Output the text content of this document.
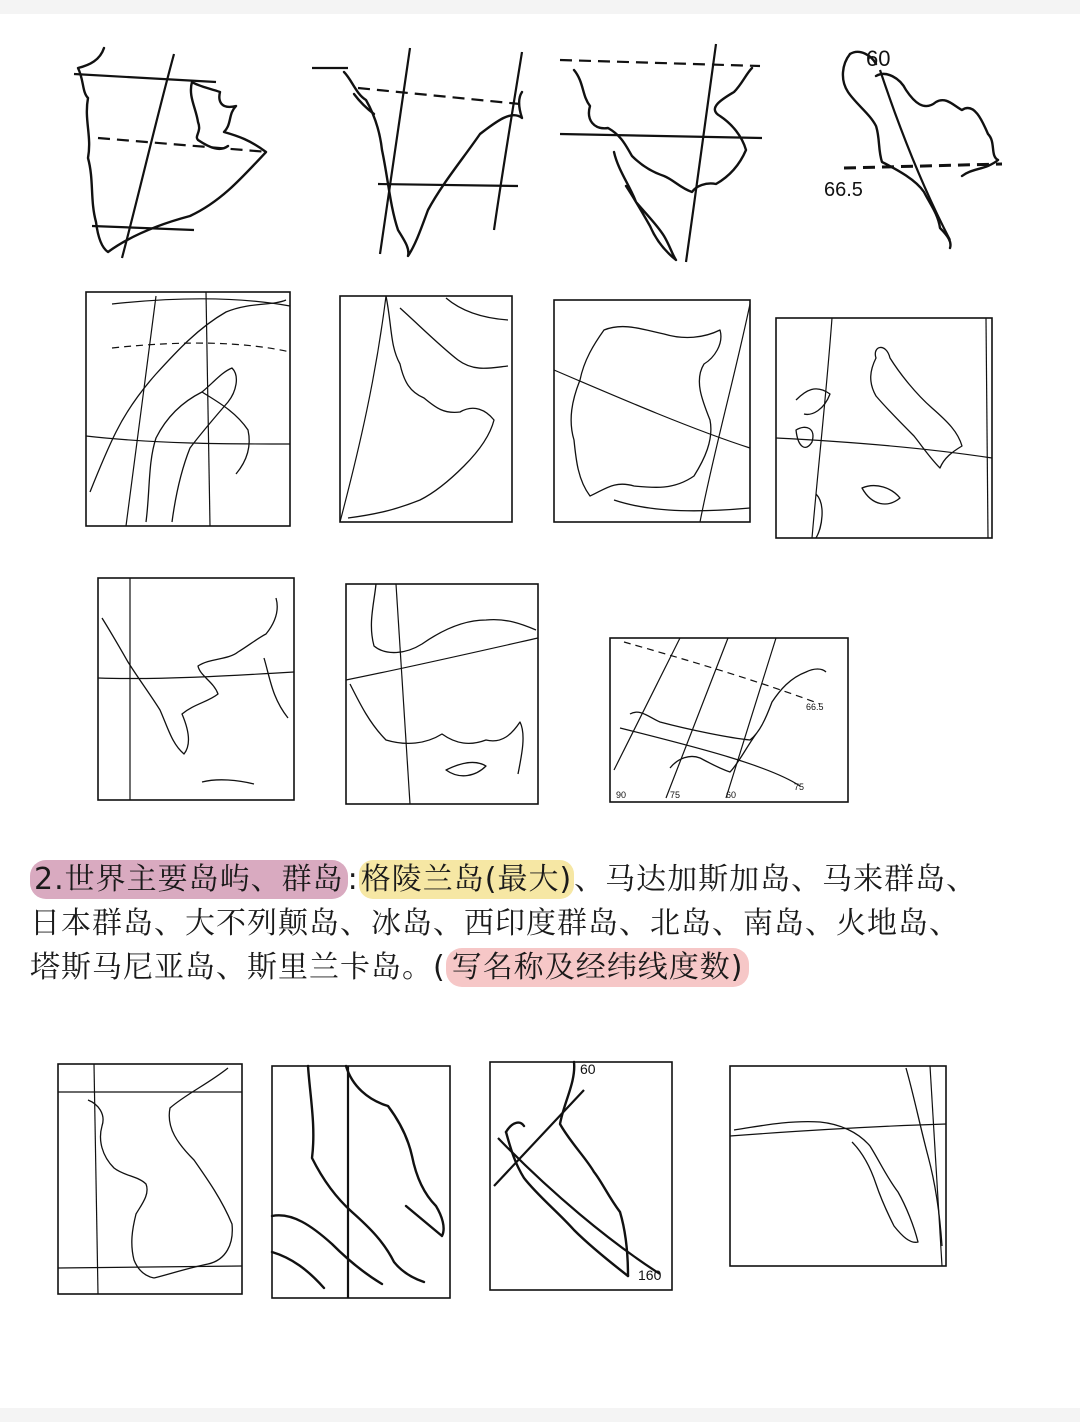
60
66.5
66.5
90	75	60
75
2.世界主要岛屿、群岛 :格陵兰岛(最大)、马达加斯加岛、马来群岛、
日本群岛、大不列颠岛、冰岛、西印度群岛、北岛、南岛、火地岛、
塔斯马尼亚岛、斯里兰卡岛。( 写名称及经纬线度数)
60
160
